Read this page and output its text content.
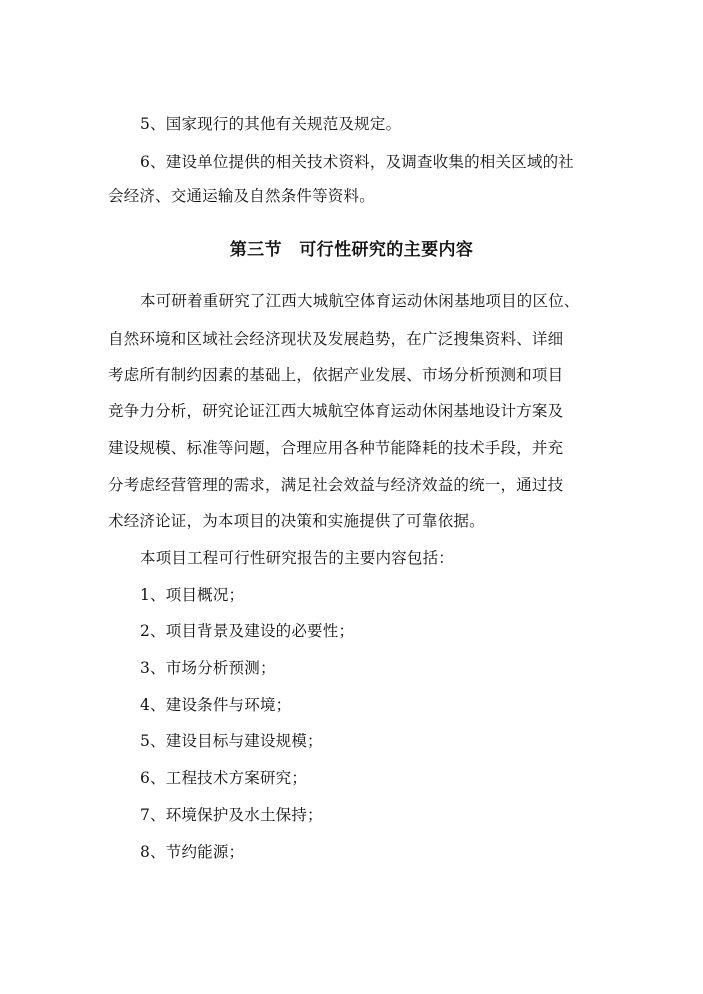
5、国家现行的其他有关规范及规定。
6、建设单位提供的相关技术资料，及调查收集的相关区域的社
会经济、交通运输及自然条件等资料。
第三节　可行性研究的主要内容
本可研着重研究了江西大城航空体育运动休闲基地项目的区位、
自然环境和区域社会经济现状及发展趋势，在广泛搜集资料、详细
考虑所有制约因素的基础上，依据产业发展、市场分析预测和项目
竞争力分析，研究论证江西大城航空体育运动休闲基地设计方案及
建设规模、标准等问题，合理应用各种节能降耗的技术手段，并充
分考虑经营管理的需求，满足社会效益与经济效益的统一，通过技
术经济论证，为本项目的决策和实施提供了可靠依据。
本项目工程可行性研究报告的主要内容包括：
1、项目概况；
2、项目背景及建设的必要性；
3、市场分析预测；
4、建设条件与环境；
5、建设目标与建设规模；
6、工程技术方案研究；
7、环境保护及水土保持；
8、节约能源；
